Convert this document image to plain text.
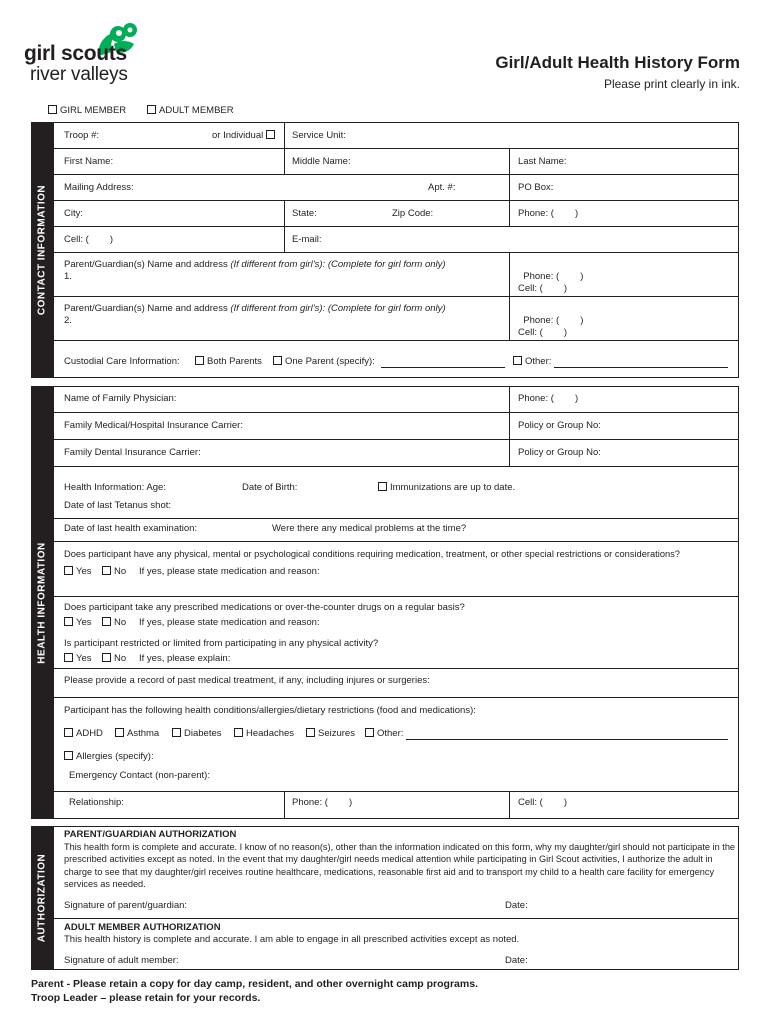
girl scouts
river valleys
Girl/Adult Health History Form
Please print clearly in ink.
GIRL MEMBER	ADULT MEMBER
CONTACT INFORMATION
Troop #:	or Individual	Service Unit:
First Name:	Middle Name:	Last Name:
Mailing Address:	Apt. #:	PO Box:
City:	State:	Zip Code:	Phone: (        )
Cell: (        )	E-mail:
Parent/Guardian(s) Name and address (If different from girl’s): (Complete for girl form only)
1.	Phone: (        )
Cell: (        )

Parent/Guardian(s) Name and address (If different from girl’s): (Complete for girl form only)
2.	Phone: (        )
Cell: (        )

Custodial Care Information:	Both Parents	One Parent (specify):	Other:
HEALTH INFORMATION
Name of Family Physician:	Phone: (        )
Family Medical/Hospital Insurance Carrier:	Policy or Group No:
Family Dental Insurance Carrier:	Policy or Group No:
Health Information: Age:	Date of Birth:	Immunizations are up to date.
Date of last Tetanus shot:
Date of last health examination:	Were there any medical problems at the time?
Does participant have any physical, mental or psychological conditions requiring medication, treatment, or other special restrictions or considerations?
Yes	No If yes, please state medication and reason:
Does participant take any prescribed medications or over-the-counter drugs on a regular basis?
Yes	No If yes, please state medication and reason:
Is participant restricted or limited from participating in any physical activity?
Yes	No If yes, please explain:
Please provide a record of past medical treatment, if any, including injures or surgeries:
Participant has the following health conditions/allergies/dietary restrictions (food and medications):
ADHD	Asthma	Diabetes	Headaches	Seizures	Other:
Allergies (specify):
Emergency Contact (non-parent):
Relationship:	Phone: (        )	Cell: (        )
AUTHORIZATION
PARENT/GUARDIAN AUTHORIZATION
This health form is complete and accurate. I know of no reason(s), other than the information indicated on this form, why my daughter/girl should not participate in the prescribed activities except as noted. In the event that my daughter/girl needs medical attention while participating in Girl Scout activities, I authorize the adult in charge to see that my daughter/girl receives routine healthcare, medications, reasonable first aid and to transport my child to a health care facility for emergency services as needed.
Signature of parent/guardian:	Date:
ADULT MEMBER AUTHORIZATION
This health history is complete and accurate. I am able to engage in all prescribed activities except as noted.
Signature of adult member:	Date:
Parent - Please retain a copy for day camp, resident, and other overnight camp programs.
Troop Leader – please retain for your records.
